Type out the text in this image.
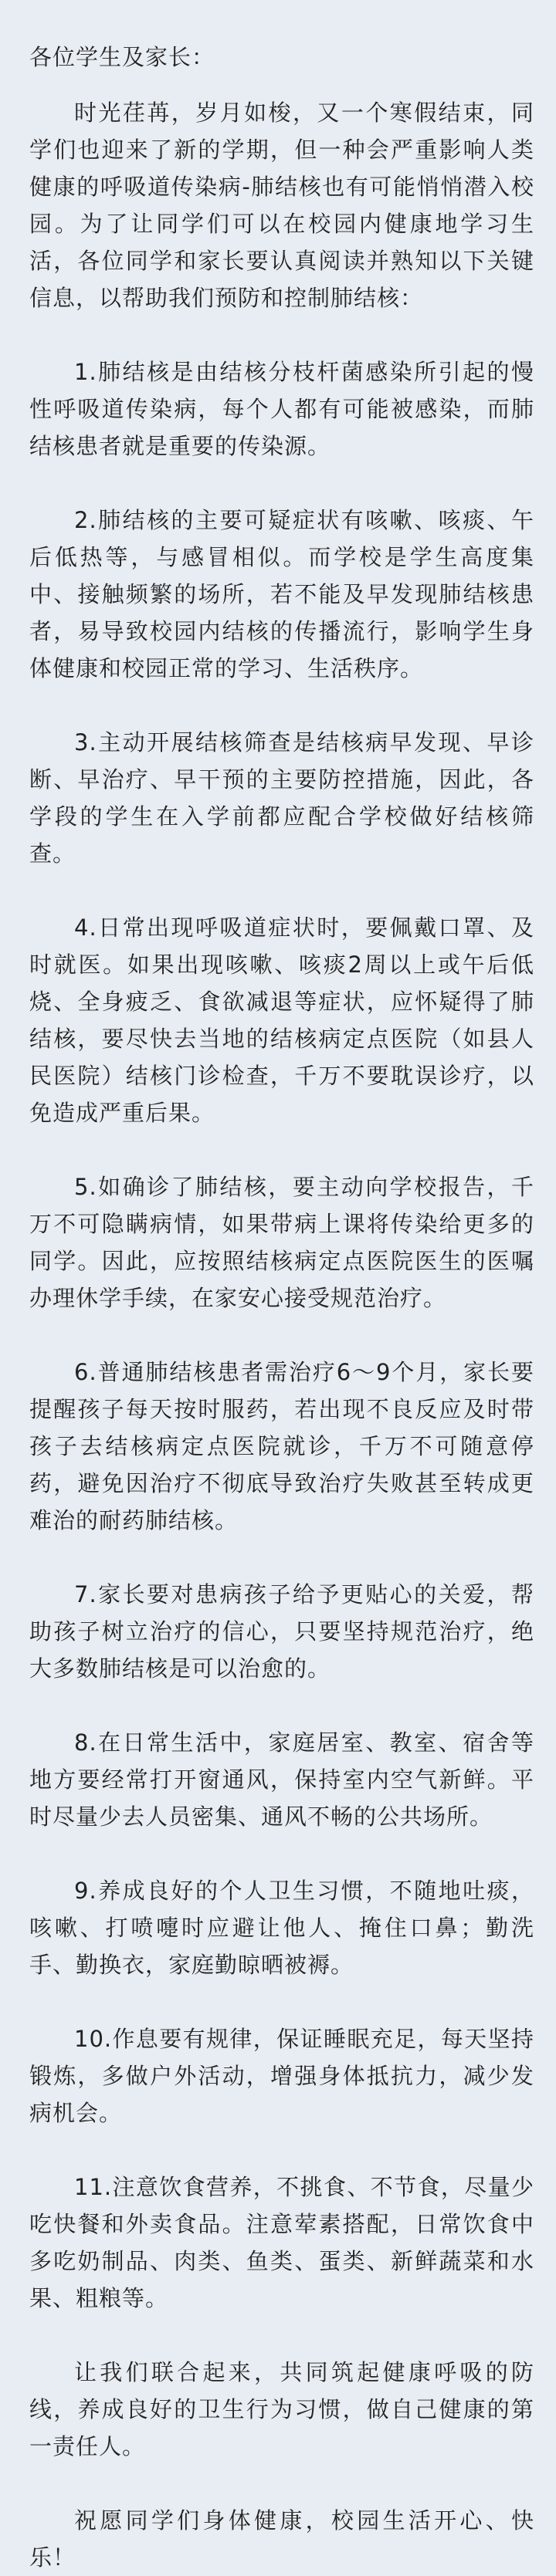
各位学生及家长：

时光荏苒，岁月如梭，又一个寒假结束，同学们也迎来了新的学期，但一种会严重影响人类健康的呼吸道传染病-肺结核也有可能悄悄潜入校园。为了让同学们可以在校园内健康地学习生活，各位同学和家长要认真阅读并熟知以下关键信息，以帮助我们预防和控制肺结核：

1.肺结核是由结核分枝杆菌感染所引起的慢性呼吸道传染病，每个人都有可能被感染，而肺结核患者就是重要的传染源。

2.肺结核的主要可疑症状有咳嗽、咳痰、午后低热等，与感冒相似。而学校是学生高度集中、接触频繁的场所，若不能及早发现肺结核患者，易导致校园内结核的传播流行，影响学生身体健康和校园正常的学习、生活秩序。

3.主动开展结核筛查是结核病早发现、早诊断、早治疗、早干预的主要防控措施，因此，各学段的学生在入学前都应配合学校做好结核筛查。

4.日常出现呼吸道症状时，要佩戴口罩、及时就医。如果出现咳嗽、咳痰2周以上或午后低烧、全身疲乏、食欲减退等症状，应怀疑得了肺结核，要尽快去当地的结核病定点医院（如县人民医院）结核门诊检查，千万不要耽误诊疗，以免造成严重后果。

5.如确诊了肺结核，要主动向学校报告，千万不可隐瞒病情，如果带病上课将传染给更多的同学。因此，应按照结核病定点医院医生的医嘱办理休学手续，在家安心接受规范治疗。

6.普通肺结核患者需治疗6～9个月，家长要提醒孩子每天按时服药，若出现不良反应及时带孩子去结核病定点医院就诊，千万不可随意停药，避免因治疗不彻底导致治疗失败甚至转成更难治的耐药肺结核。

7.家长要对患病孩子给予更贴心的关爱，帮助孩子树立治疗的信心，只要坚持规范治疗，绝大多数肺结核是可以治愈的。

8.在日常生活中，家庭居室、教室、宿舍等地方要经常打开窗通风，保持室内空气新鲜。平时尽量少去人员密集、通风不畅的公共场所。

9.养成良好的个人卫生习惯，不随地吐痰，咳嗽、打喷嚏时应避让他人、掩住口鼻；勤洗手、勤换衣，家庭勤晾晒被褥。

10.作息要有规律，保证睡眠充足，每天坚持锻炼，多做户外活动，增强身体抵抗力，减少发病机会。

11.注意饮食营养，不挑食、不节食，尽量少吃快餐和外卖食品。注意荤素搭配，日常饮食中多吃奶制品、肉类、鱼类、蛋类、新鲜蔬菜和水果、粗粮等。

让我们联合起来，共同筑起健康呼吸的防线，养成良好的卫生行为习惯，做自己健康的第一责任人。

祝愿同学们身体健康，校园生活开心、快乐！
